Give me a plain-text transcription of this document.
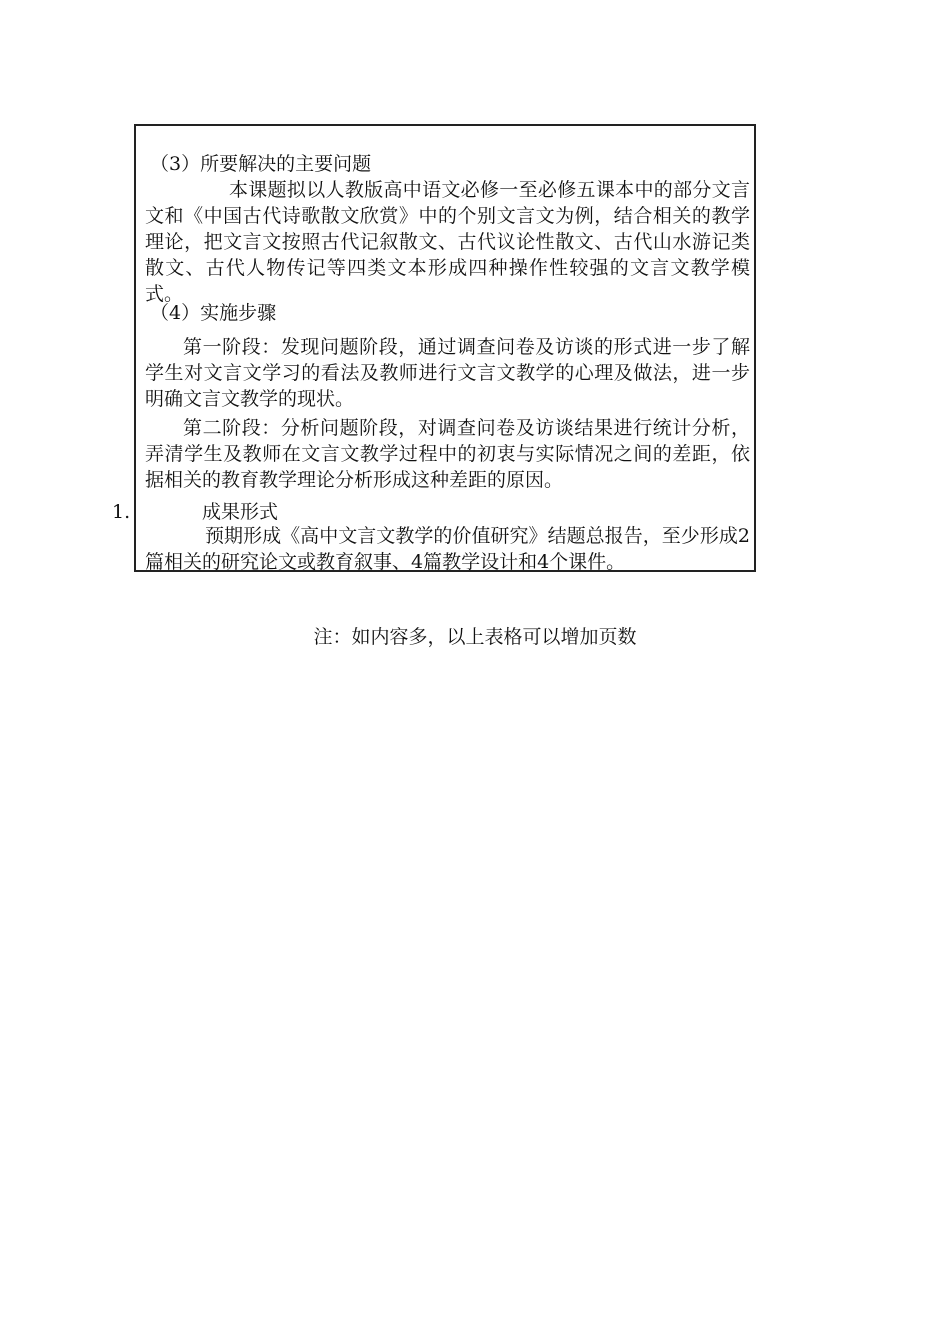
（3）所要解决的主要问题
本课题拟以人教版高中语文必修一至必修五课本中的部分文言文和《中国古代诗歌散文欣赏》中的个别文言文为例，结合相关的教学理论，把文言文按照古代记叙散文、古代议论性散文、古代山水游记类散文、古代人物传记等四类文本形成四种操作性较强的文言文教学模式。
（4）实施步骤
第一阶段：发现问题阶段，通过调查问卷及访谈的形式进一步了解学生对文言文学习的看法及教师进行文言文教学的心理及做法，进一步明确文言文教学的现状。
第二阶段：分析问题阶段，对调查问卷及访谈结果进行统计分析，弄清学生及教师在文言文教学过程中的初衷与实际情况之间的差距，依据相关的教育教学理论分析形成这种差距的原因。
1.	成果形式
预期形成《高中文言文教学的价值研究》结题总报告，至少形成2篇相关的研究论文或教育叙事、4篇教学设计和4个课件。
注：如内容多，以上表格可以增加页数
